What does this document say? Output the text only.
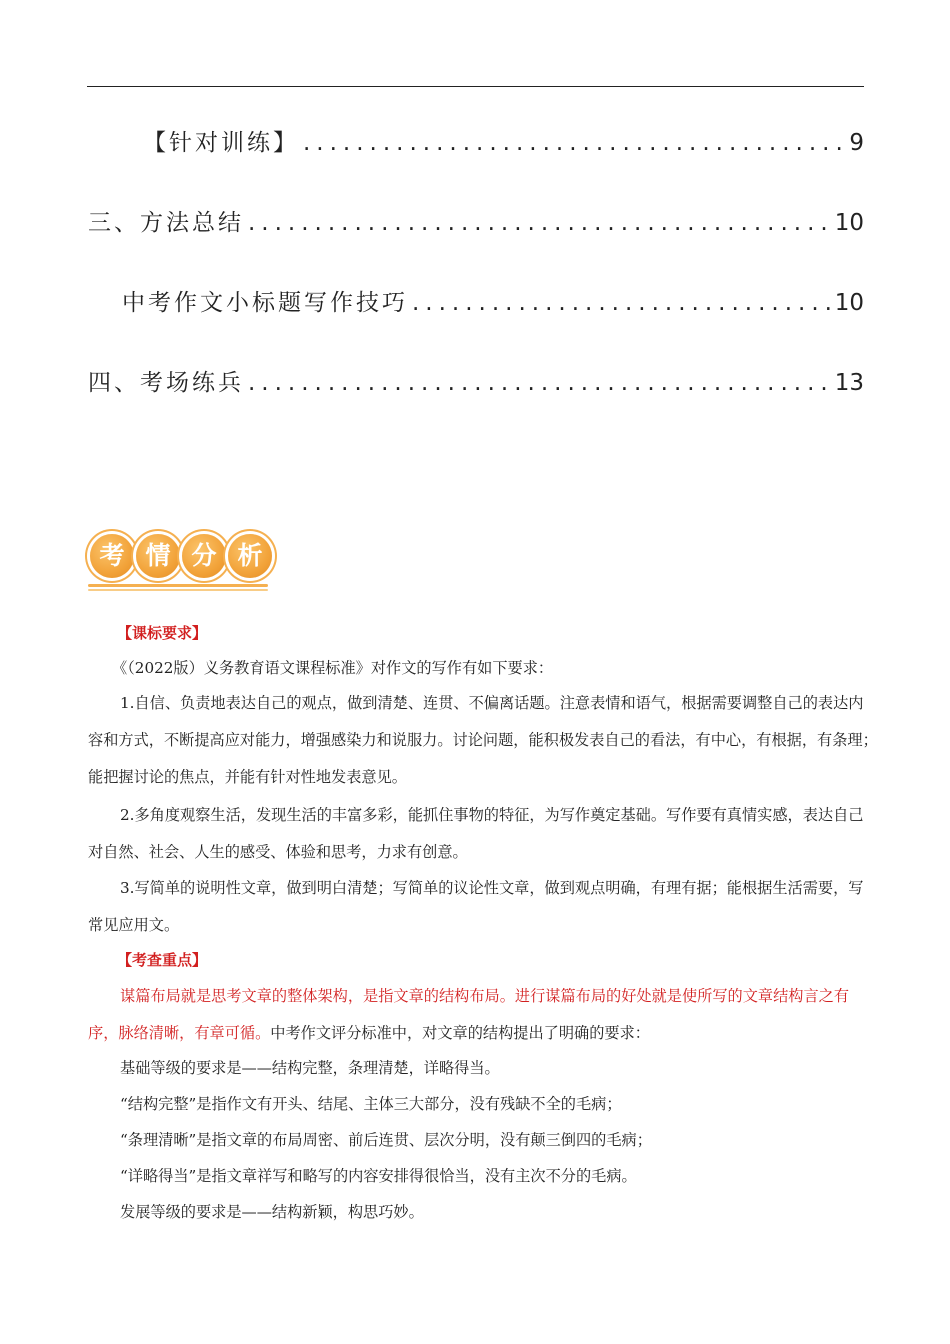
【针对训练】 .....	9
三、方法总结 .....	10
中考作文小标题写作技巧 .....	10
四、考场练兵 .....	13
考 情 分 析

【课标要求】

《（2022版）义务教育语文课程标准》对作文的写作有如下要求：

1.自信、负责地表达自己的观点，做到清楚、连贯、不偏离话题。注意表情和语气，根据需要调整自己的表达内容和方式，不断提高应对能力，增强感染力和说服力。讨论问题，能积极发表自己的看法，有中心，有根据，有条理；能把握讨论的焦点，并能有针对性地发表意见。

2.多角度观察生活，发现生活的丰富多彩，能抓住事物的特征，为写作奠定基础。写作要有真情实感，表达自己对自然、社会、人生的感受、体验和思考，力求有创意。

3.写简单的说明性文章，做到明白清楚；写简单的议论性文章，做到观点明确，有理有据；能根据生活需要，写常见应用文。

【考查重点】

谋篇布局就是思考文章的整体架构，是指文章的结构布局。进行谋篇布局的好处就是使所写的文章结构言之有序，脉络清晰，有章可循。中考作文评分标准中，对文章的结构提出了明确的要求：

基础等级的要求是——结构完整，条理清楚，详略得当。

“结构完整”是指作文有开头、结尾、主体三大部分，没有残缺不全的毛病；

“条理清晰”是指文章的布局周密、前后连贯、层次分明，没有颠三倒四的毛病；

“详略得当”是指文章祥写和略写的内容安排得很恰当，没有主次不分的毛病。

发展等级的要求是——结构新颖，构思巧妙。
